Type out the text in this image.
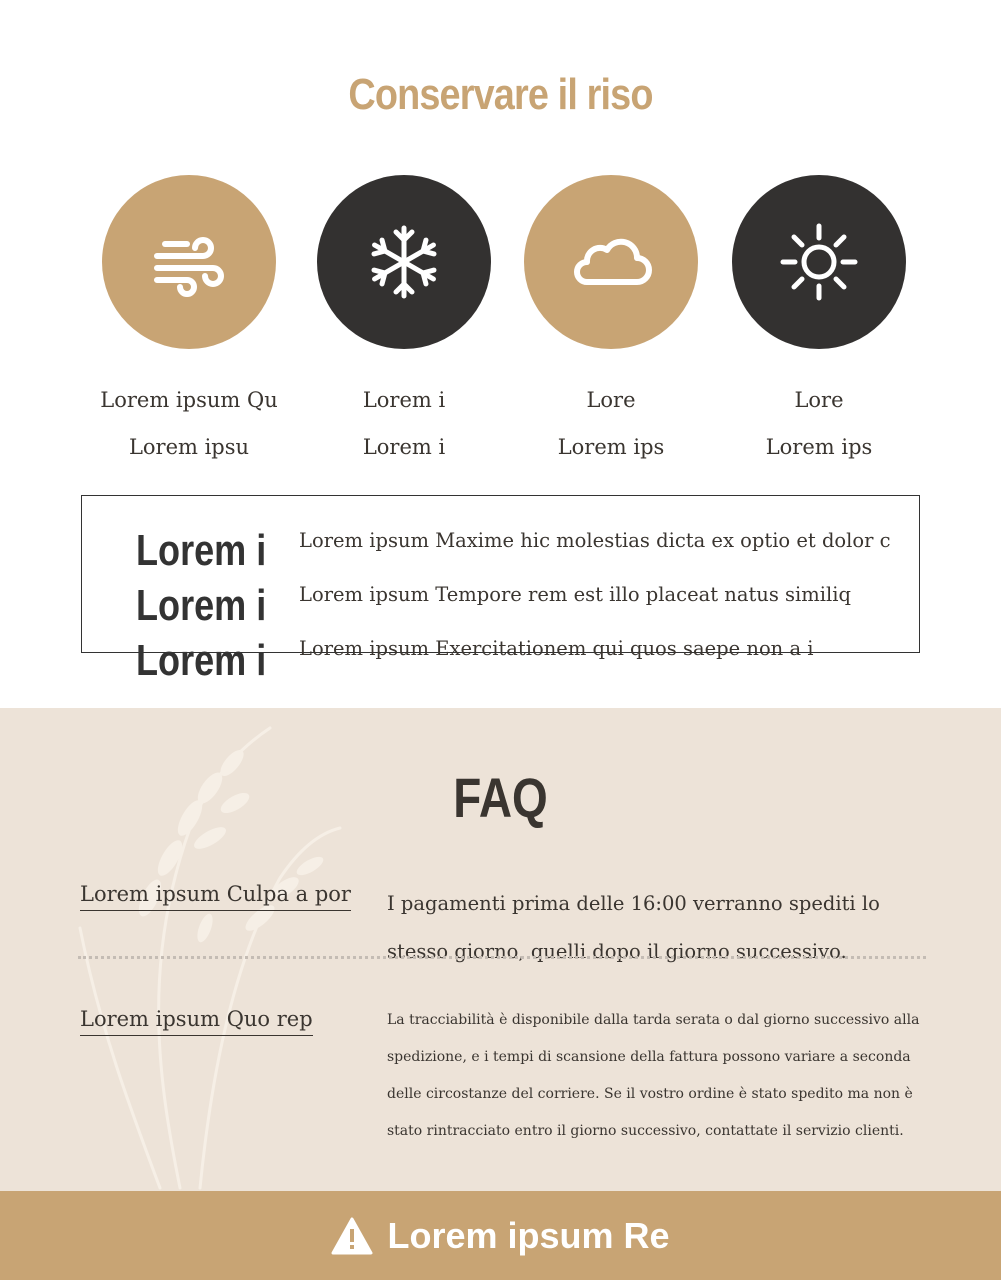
Conservare il riso
Lorem ipsum Qu
Lorem ipsu
Lorem i
Lorem i
Lore
Lorem ips
Lore
Lorem ips
Lorem i
Lorem i
Lorem i
Lorem ipsum Maxime hic molestias dicta ex optio et dolor c
Lorem ipsum Tempore rem est illo placeat natus similiq
Lorem ipsum Exercitationem qui quos saepe non a i
FAQ
Lorem ipsum Culpa a por I pagamenti prima delle 16:00 verranno spediti lo stesso giorno, quelli dopo il giorno successivo.
Lorem ipsum Quo rep	La tracciabilità è disponibile dalla tarda serata o dal giorno successivo alla spedizione, e i tempi di scansione della fattura possono variare a seconda delle circostanze del corriere. Se il vostro ordine è stato spedito ma non è stato rintracciato entro il giorno successivo, contattate il servizio clienti.
Lorem ipsum Re
